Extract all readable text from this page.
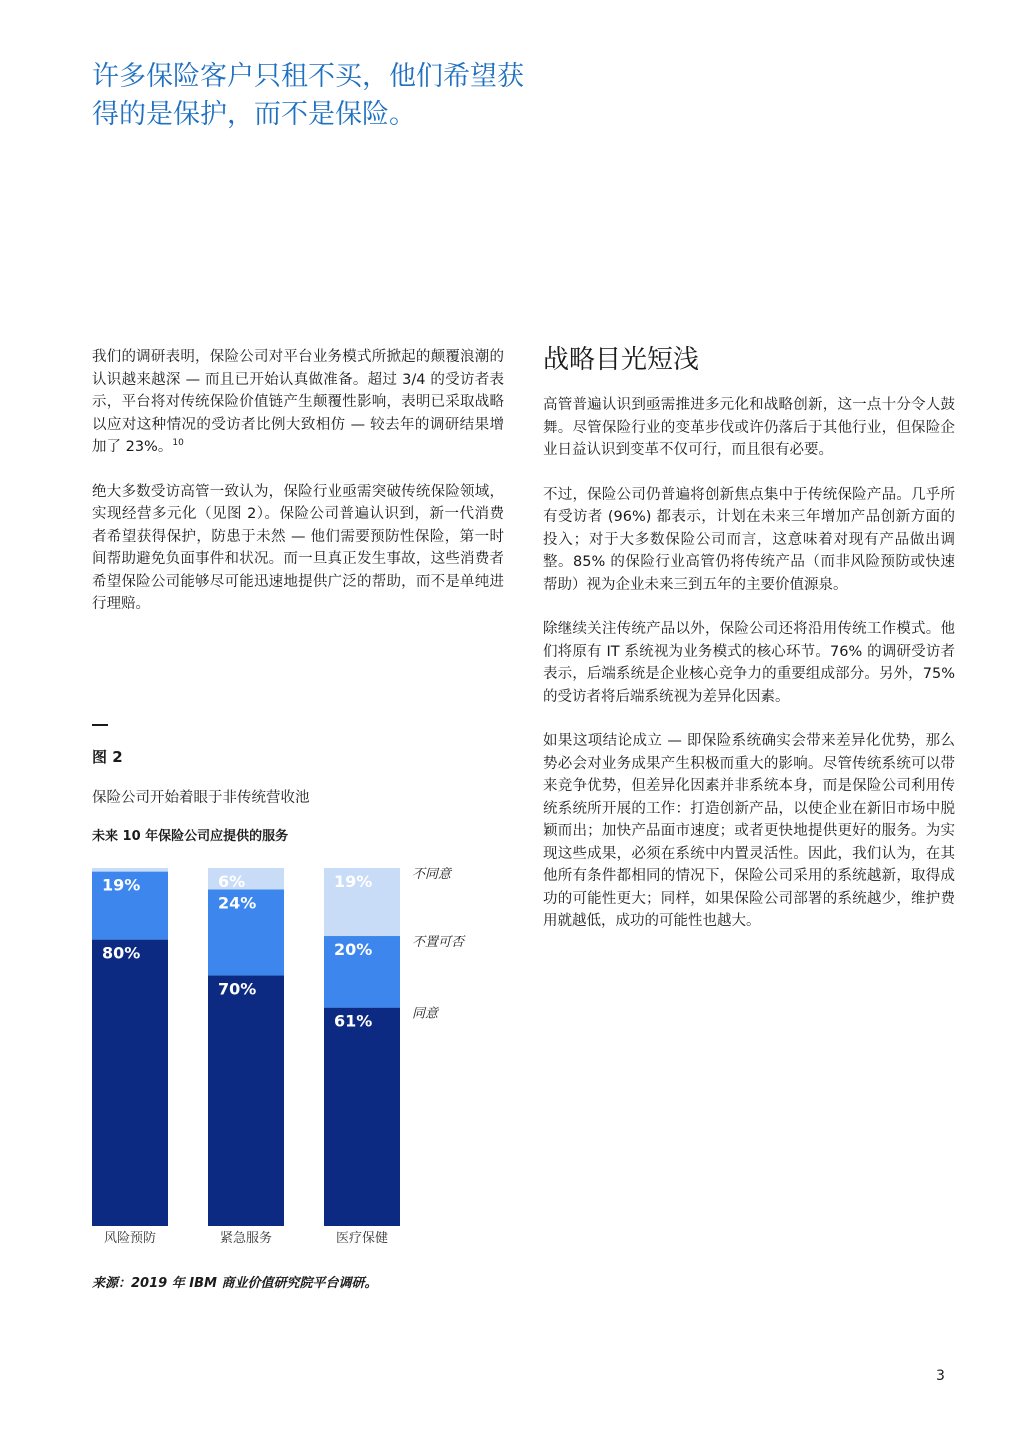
许多保险客户只租不买，他们希望获得的是保护，而不是保险。

我们的调研表明，保险公司对平台业务模式所掀起的颠覆浪潮的认识越来越深 — 而且已开始认真做准备。超过 3/4 的受访者表示，平台将对传统保险价值链产生颠覆性影响，表明已采取战略以应对这种情况的受访者比例大致相仿 — 较去年的调研结果增加了 23%。$^{10}$

绝大多数受访高管一致认为，保险行业亟需突破传统保险领域，实现经营多元化（见图 2）。保险公司普遍认识到，新一代消费者希望获得保护，防患于未然 — 他们需要预防性保险，第一时间帮助避免负面事件和状况。而一旦真正发生事故，这些消费者希望保险公司能够尽可能迅速地提供广泛的帮助，而不是单纯进行理赔。

战略目光短浅

高管普遍认识到亟需推进多元化和战略创新，这一点十分令人鼓舞。尽管保险行业的变革步伐或许仍落后于其他行业，但保险企业日益认识到变革不仅可行，而且很有必要。

不过，保险公司仍普遍将创新焦点集中于传统保险产品。几乎所有受访者 (96%) 都表示，计划在未来三年增加产品创新方面的投入；对于大多数保险公司而言，这意味着对现有产品做出调整。85% 的保险行业高管仍将传统产品（而非风险预防或快速帮助）视为企业未来三到五年的主要价值源泉。

除继续关注传统产品以外，保险公司还将沿用传统工作模式。他们将原有 IT 系统视为业务模式的核心环节。76% 的调研受访者表示，后端系统是企业核心竞争力的重要组成部分。另外，75% 的受访者将后端系统视为差异化因素。

如果这项结论成立 — 即保险系统确实会带来差异化优势，那么势必会对业务成果产生积极而重大的影响。尽管传统系统可以带来竞争优势，但差异化因素并非系统本身，而是保险公司利用传统系统所开展的工作：打造创新产品，以使企业在新旧市场中脱颖而出；加快产品面市速度；或者更快地提供更好的服务。为实现这些成果，必须在系统中内置灵活性。因此，我们认为，在其他所有条件都相同的情况下，保险公司采用的系统越新，取得成功的可能性更大；同样，如果保险公司部署的系统越少，维护费用就越低，成功的可能性也越大。

图 2

保险公司开始着眼于非传统营收池

未来 10 年保险公司应提供的服务

80%
19%
风险预防
70%
24%
6%
紧急服务
61%
20%
19%
医疗保健
不同意
不置可否
同意

来源：2019 年 IBM 商业价值研究院平台调研。

3
